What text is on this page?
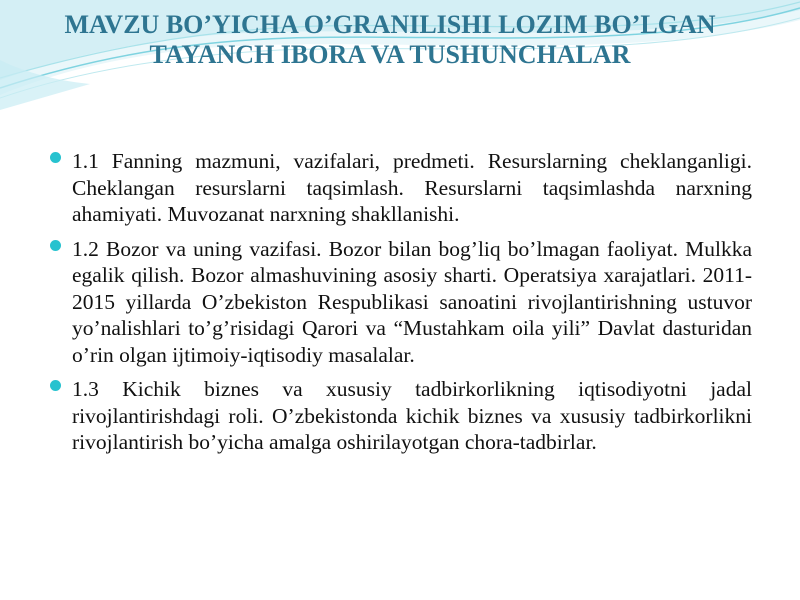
MAVZU BO’YICHA O’GRANILISHI LOZIM BO’LGAN TAYANCH IBORA VA TUSHUNCHALAR
1.1 Fanning mazmuni, vazifalari, predmeti. Resurslarning cheklanganligi. Cheklangan resurslarni taqsimlash. Resurslarni taqsimlashda narxning ahamiyati. Muvozanat narxning shakllanishi.
1.2 Bozor va uning vazifasi. Bozor bilan bog’liq bo’lmagan faoliyat. Mulkka egalik qilish. Bozor almashuvining asosiy sharti. Operatsiya xarajatlari. 2011-2015 yillarda O’zbekiston Respublikasi sanoatini rivojlantirishning ustuvor yo’nalishlari to’g’risidagi Qarori va “Mustahkam oila yili” Davlat dasturidan o’rin olgan ijtimoiy-iqtisodiy masalalar.
1.3 Kichik biznes va xususiy tadbirkorlikning iqtisodiyotni jadal rivojlantirishdagi roli. O’zbekistonda kichik biznes va xususiy tadbirkorlikni rivojlantirish bo’yicha amalga oshirilayotgan chora-tadbirlar.
